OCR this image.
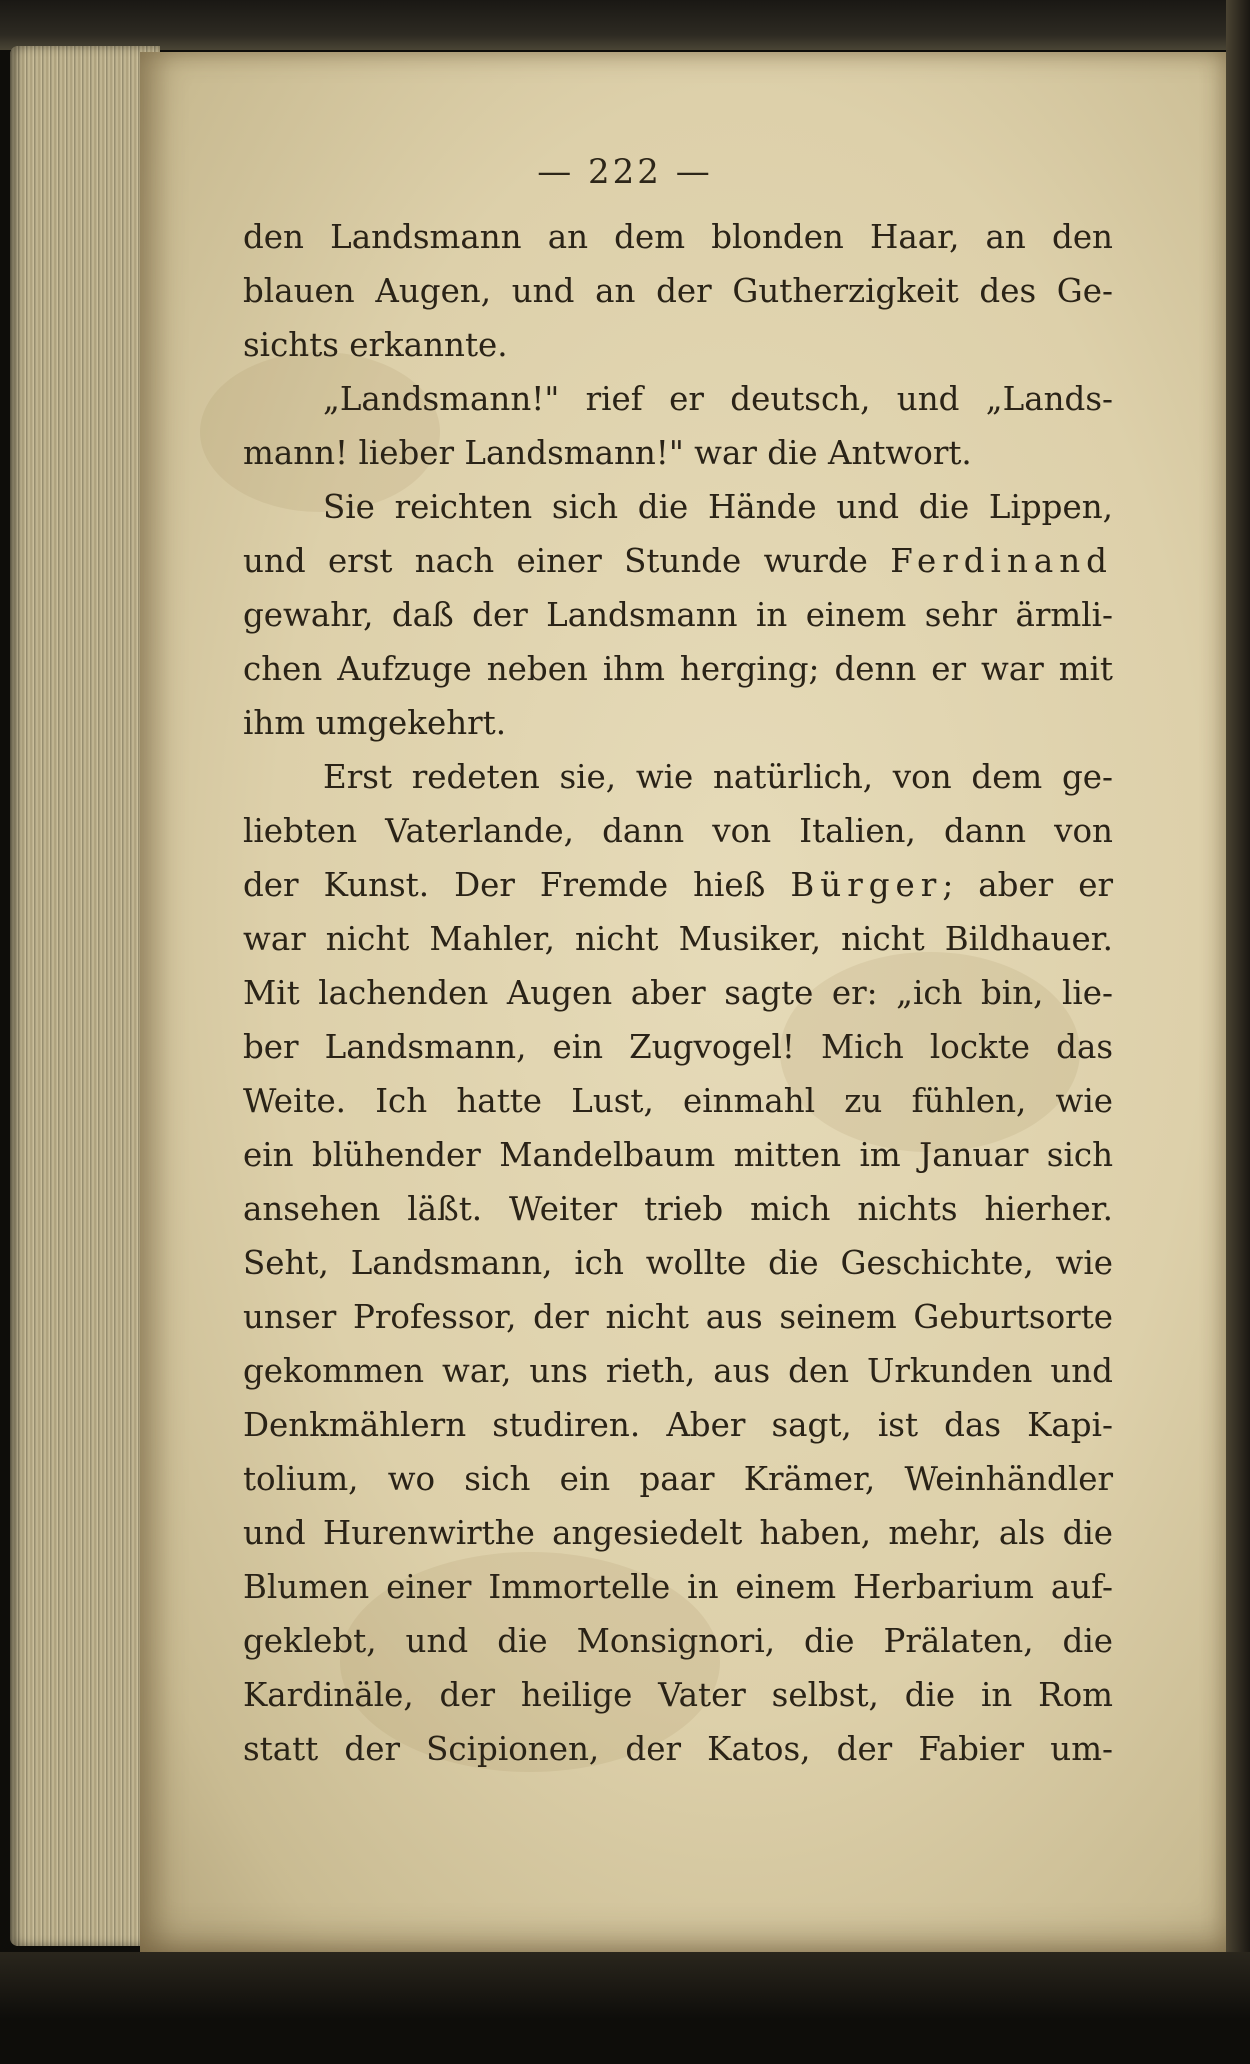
— 222 —
den Landsmann an dem blonden Haar, an den
blauen Augen, und an der Gutherzigkeit des Ge-
sichts erkannte.
„Landsmann!" rief er deutsch, und „Lands-
mann! lieber Landsmann!" war die Antwort.
Sie reichten sich die Hände und die Lippen,
und erst nach einer Stunde wurde Ferdinand
gewahr, daß der Landsmann in einem sehr ärmli-
chen Aufzuge neben ihm herging; denn er war mit
ihm umgekehrt.
Erst redeten sie, wie natürlich, von dem ge-
liebten Vaterlande, dann von Italien, dann von
der Kunst. Der Fremde hieß Bürger; aber er
war nicht Mahler, nicht Musiker, nicht Bildhauer.
Mit lachenden Augen aber sagte er: „ich bin, lie-
ber Landsmann, ein Zugvogel! Mich lockte das
Weite. Ich hatte Lust, einmahl zu fühlen, wie
ein blühender Mandelbaum mitten im Januar sich
ansehen läßt. Weiter trieb mich nichts hierher.
Seht, Landsmann, ich wollte die Geschichte, wie
unser Professor, der nicht aus seinem Geburtsorte
gekommen war, uns rieth, aus den Urkunden und
Denkmählern studiren. Aber sagt, ist das Kapi-
tolium, wo sich ein paar Krämer, Weinhändler
und Hurenwirthe angesiedelt haben, mehr, als die
Blumen einer Immortelle in einem Herbarium auf-
geklebt, und die Monsignori, die Prälaten, die
Kardinäle, der heilige Vater selbst, die in Rom
statt der Scipionen, der Katos, der Fabier um-
